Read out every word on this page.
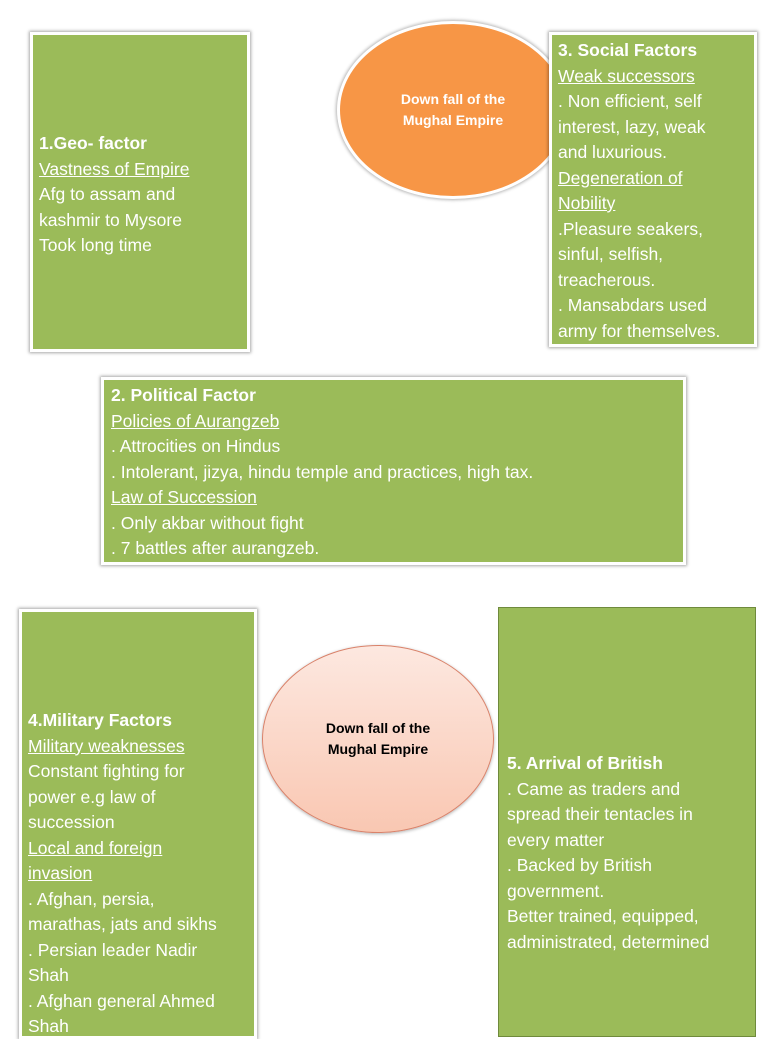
1.Geo- factor
Vastness of Empire
Afg to assam and
kashmir to Mysore
Took long time
Down fall of the
Mughal Empire
3. Social Factors
Weak successors
. Non efficient, self
interest, lazy, weak
and luxurious.
Degeneration of
Nobility
.Pleasure seakers,
sinful, selfish,
treacherous.
. Mansabdars used
army for themselves.
2. Political Factor
Policies of Aurangzeb
. Attrocities on Hindus
. Intolerant, jizya, hindu temple and practices, high tax.
Law of Succession
. Only akbar without fight
. 7 battles after aurangzeb.
4.Military Factors
Military weaknesses
Constant fighting for
power e.g law of
succession
Local and foreign
invasion
. Afghan, persia,
marathas, jats and sikhs
. Persian leader Nadir
Shah
. Afghan general Ahmed
Shah
Down fall of the
Mughal Empire
5. Arrival of British
. Came as traders and
spread their tentacles in
every matter
. Backed by British
government.
Better trained, equipped,
administrated, determined
